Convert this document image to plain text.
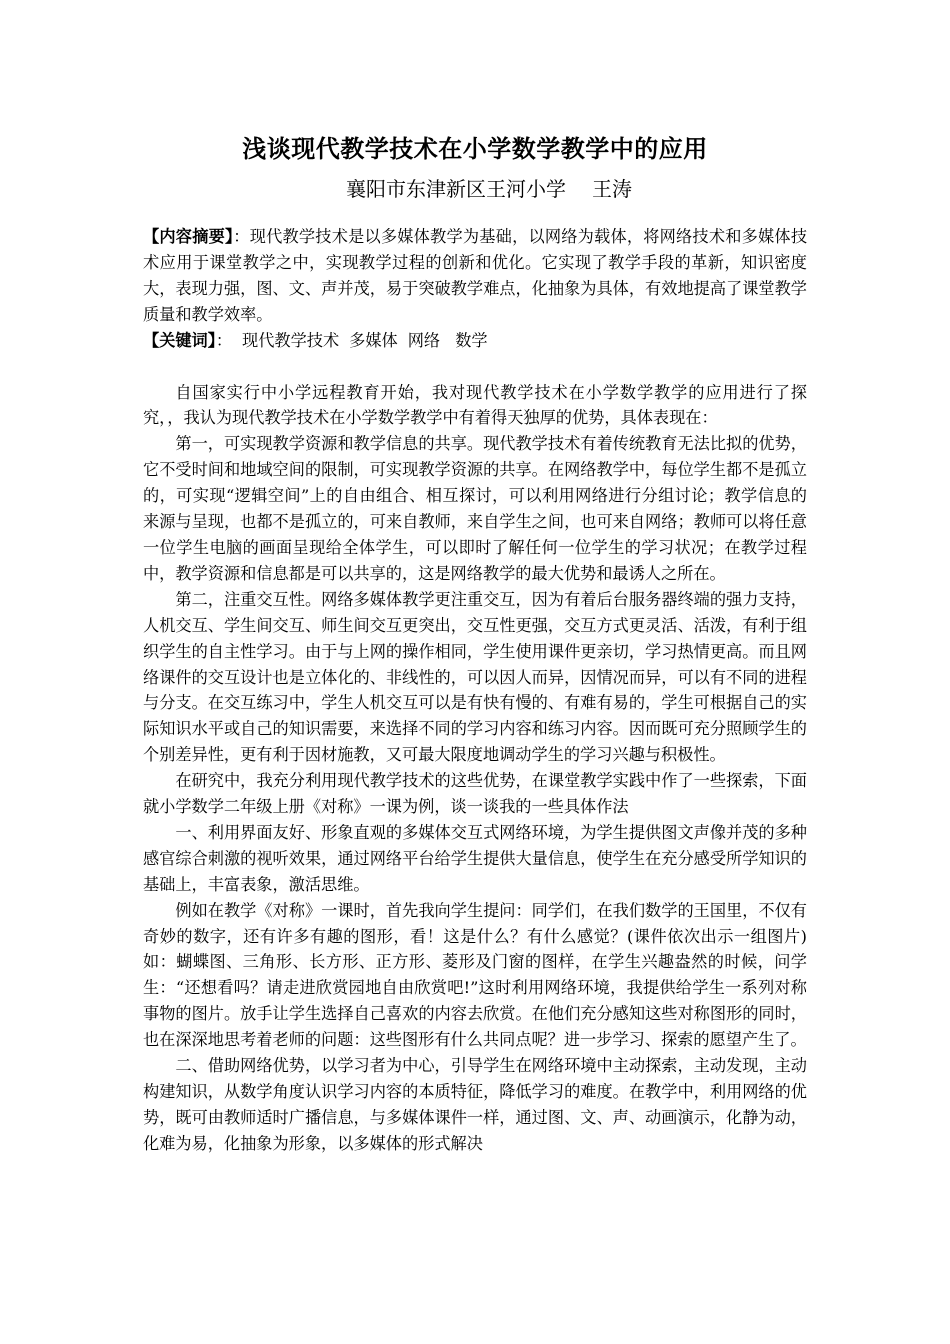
浅谈现代教学技术在小学数学教学中的应用
襄阳市东津新区王河小学 王涛

【内容摘要】：现代教学技术是以多媒体教学为基础，以网络为载体，将网络技术和多媒体技术应用于课堂教学之中，实现教学过程的创新和优化。它实现了教学手段的革新，知识密度大，表现力强，图、文、声并茂，易于突破教学难点，化抽象为具体，有效地提高了课堂教学质量和教学效率。

【关键词】： 现代教学技术 多媒体 网络 数学

自国家实行中小学远程教育开始，我对现代教学技术在小学数学教学的应用进行了探究，，我认为现代教学技术在小学数学教学中有着得天独厚的优势，具体表现在：

第一，可实现教学资源和教学信息的共享。现代教学技术有着传统教育无法比拟的优势，它不受时间和地域空间的限制，可实现教学资源的共享。在网络教学中，每位学生都不是孤立的，可实现“逻辑空间”上的自由组合、相互探讨，可以利用网络进行分组讨论；教学信息的来源与呈现，也都不是孤立的，可来自教师，来自学生之间，也可来自网络；教师可以将任意一位学生电脑的画面呈现给全体学生，可以即时了解任何一位学生的学习状况；在教学过程中，教学资源和信息都是可以共享的，这是网络教学的最大优势和最诱人之所在。

第二，注重交互性。网络多媒体教学更注重交互，因为有着后台服务器终端的强力支持，人机交互、学生间交互、师生间交互更突出，交互性更强，交互方式更灵活、活泼，有利于组织学生的自主性学习。由于与上网的操作相同，学生使用课件更亲切，学习热情更高。而且网络课件的交互设计也是立体化的、非线性的，可以因人而异，因情况而异，可以有不同的进程与分支。在交互练习中，学生人机交互可以是有快有慢的、有难有易的，学生可根据自己的实际知识水平或自己的知识需要，来选择不同的学习内容和练习内容。因而既可充分照顾学生的个别差异性，更有利于因材施教，又可最大限度地调动学生的学习兴趣与积极性。

在研究中，我充分利用现代教学技术的这些优势，在课堂教学实践中作了一些探索，下面就小学数学二年级上册《对称》一课为例，谈一谈我的一些具体作法

一、利用界面友好、形象直观的多媒体交互式网络环境，为学生提供图文声像并茂的多种感官综合刺激的视听效果，通过网络平台给学生提供大量信息，使学生在充分感受所学知识的基础上，丰富表象，激活思维。

例如在教学《对称》一课时，首先我向学生提问：同学们，在我们数学的王国里，不仅有奇妙的数字，还有许多有趣的图形，看！这是什么？有什么感觉？(课件依次出示一组图片)如：蝴蝶图、三角形、长方形、正方形、菱形及门窗的图样，在学生兴趣盎然的时候，问学生：“还想看吗？请走进欣赏园地自由欣赏吧!”这时利用网络环境，我提供给学生一系列对称事物的图片。放手让学生选择自己喜欢的内容去欣赏。在他们充分感知这些对称图形的同时，也在深深地思考着老师的问题：这些图形有什么共同点呢？进一步学习、探索的愿望产生了。

二、借助网络优势，以学习者为中心，引导学生在网络环境中主动探索，主动发现，主动构建知识，从数学角度认识学习内容的本质特征，降低学习的难度。在教学中，利用网络的优势，既可由教师适时广播信息，与多媒体课件一样，通过图、文、声、动画演示，化静为动，化难为易，化抽象为形象，以多媒体的形式解决
